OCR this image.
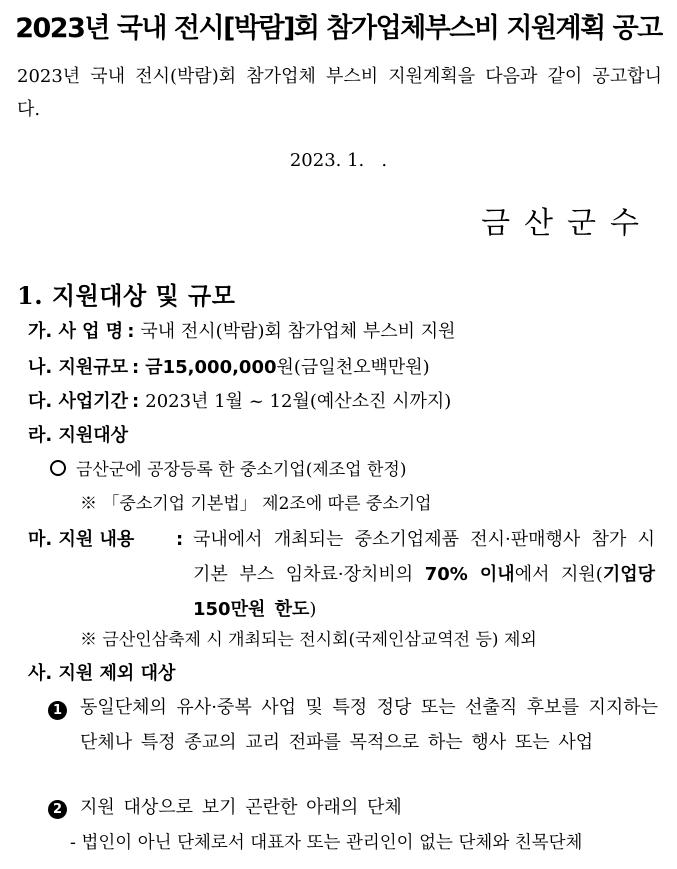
2023년 국내 전시[박람]회 참가업체부스비 지원계획 공고
2023년 국내 전시(박람)회 참가업체 부스비 지원계획을 다음과 같이 공고합니다.
2023. 1.   .
금산군수
1. 지원대상 및 규모
가. 사 업 명 : 국내 전시(박람)회 참가업체 부스비 지원
나. 지원규모 : 금15,000,000원(금일천오백만원)
다. 사업기간 : 2023년 1월 ~ 12월(예산소진 시까지)
라. 지원대상
금산군에 공장등록 한 중소기업(제조업 한정)
※ 「중소기업 기본법」 제2조에 따른 중소기업
마. 지원 내용 : 국내에서 개최되는 중소기업제품 전시·판매행사 참가 시 기본 부스 임차료·장치비의 70% 이내에서 지원(기업당 150만원 한도)
※ 금산인삼축제 시 개최되는 전시회(국제인삼교역전 등) 제외
사. 지원 제외 대상
1 동일단체의 유사·중복 사업 및 특정 정당 또는 선출직 후보를 지지하는 단체나 특정 종교의 교리 전파를 목적으로 하는 행사 또는 사업
2 지원 대상으로 보기 곤란한 아래의 단체
- 법인이 아닌 단체로서 대표자 또는 관리인이 없는 단체와 친목단체
